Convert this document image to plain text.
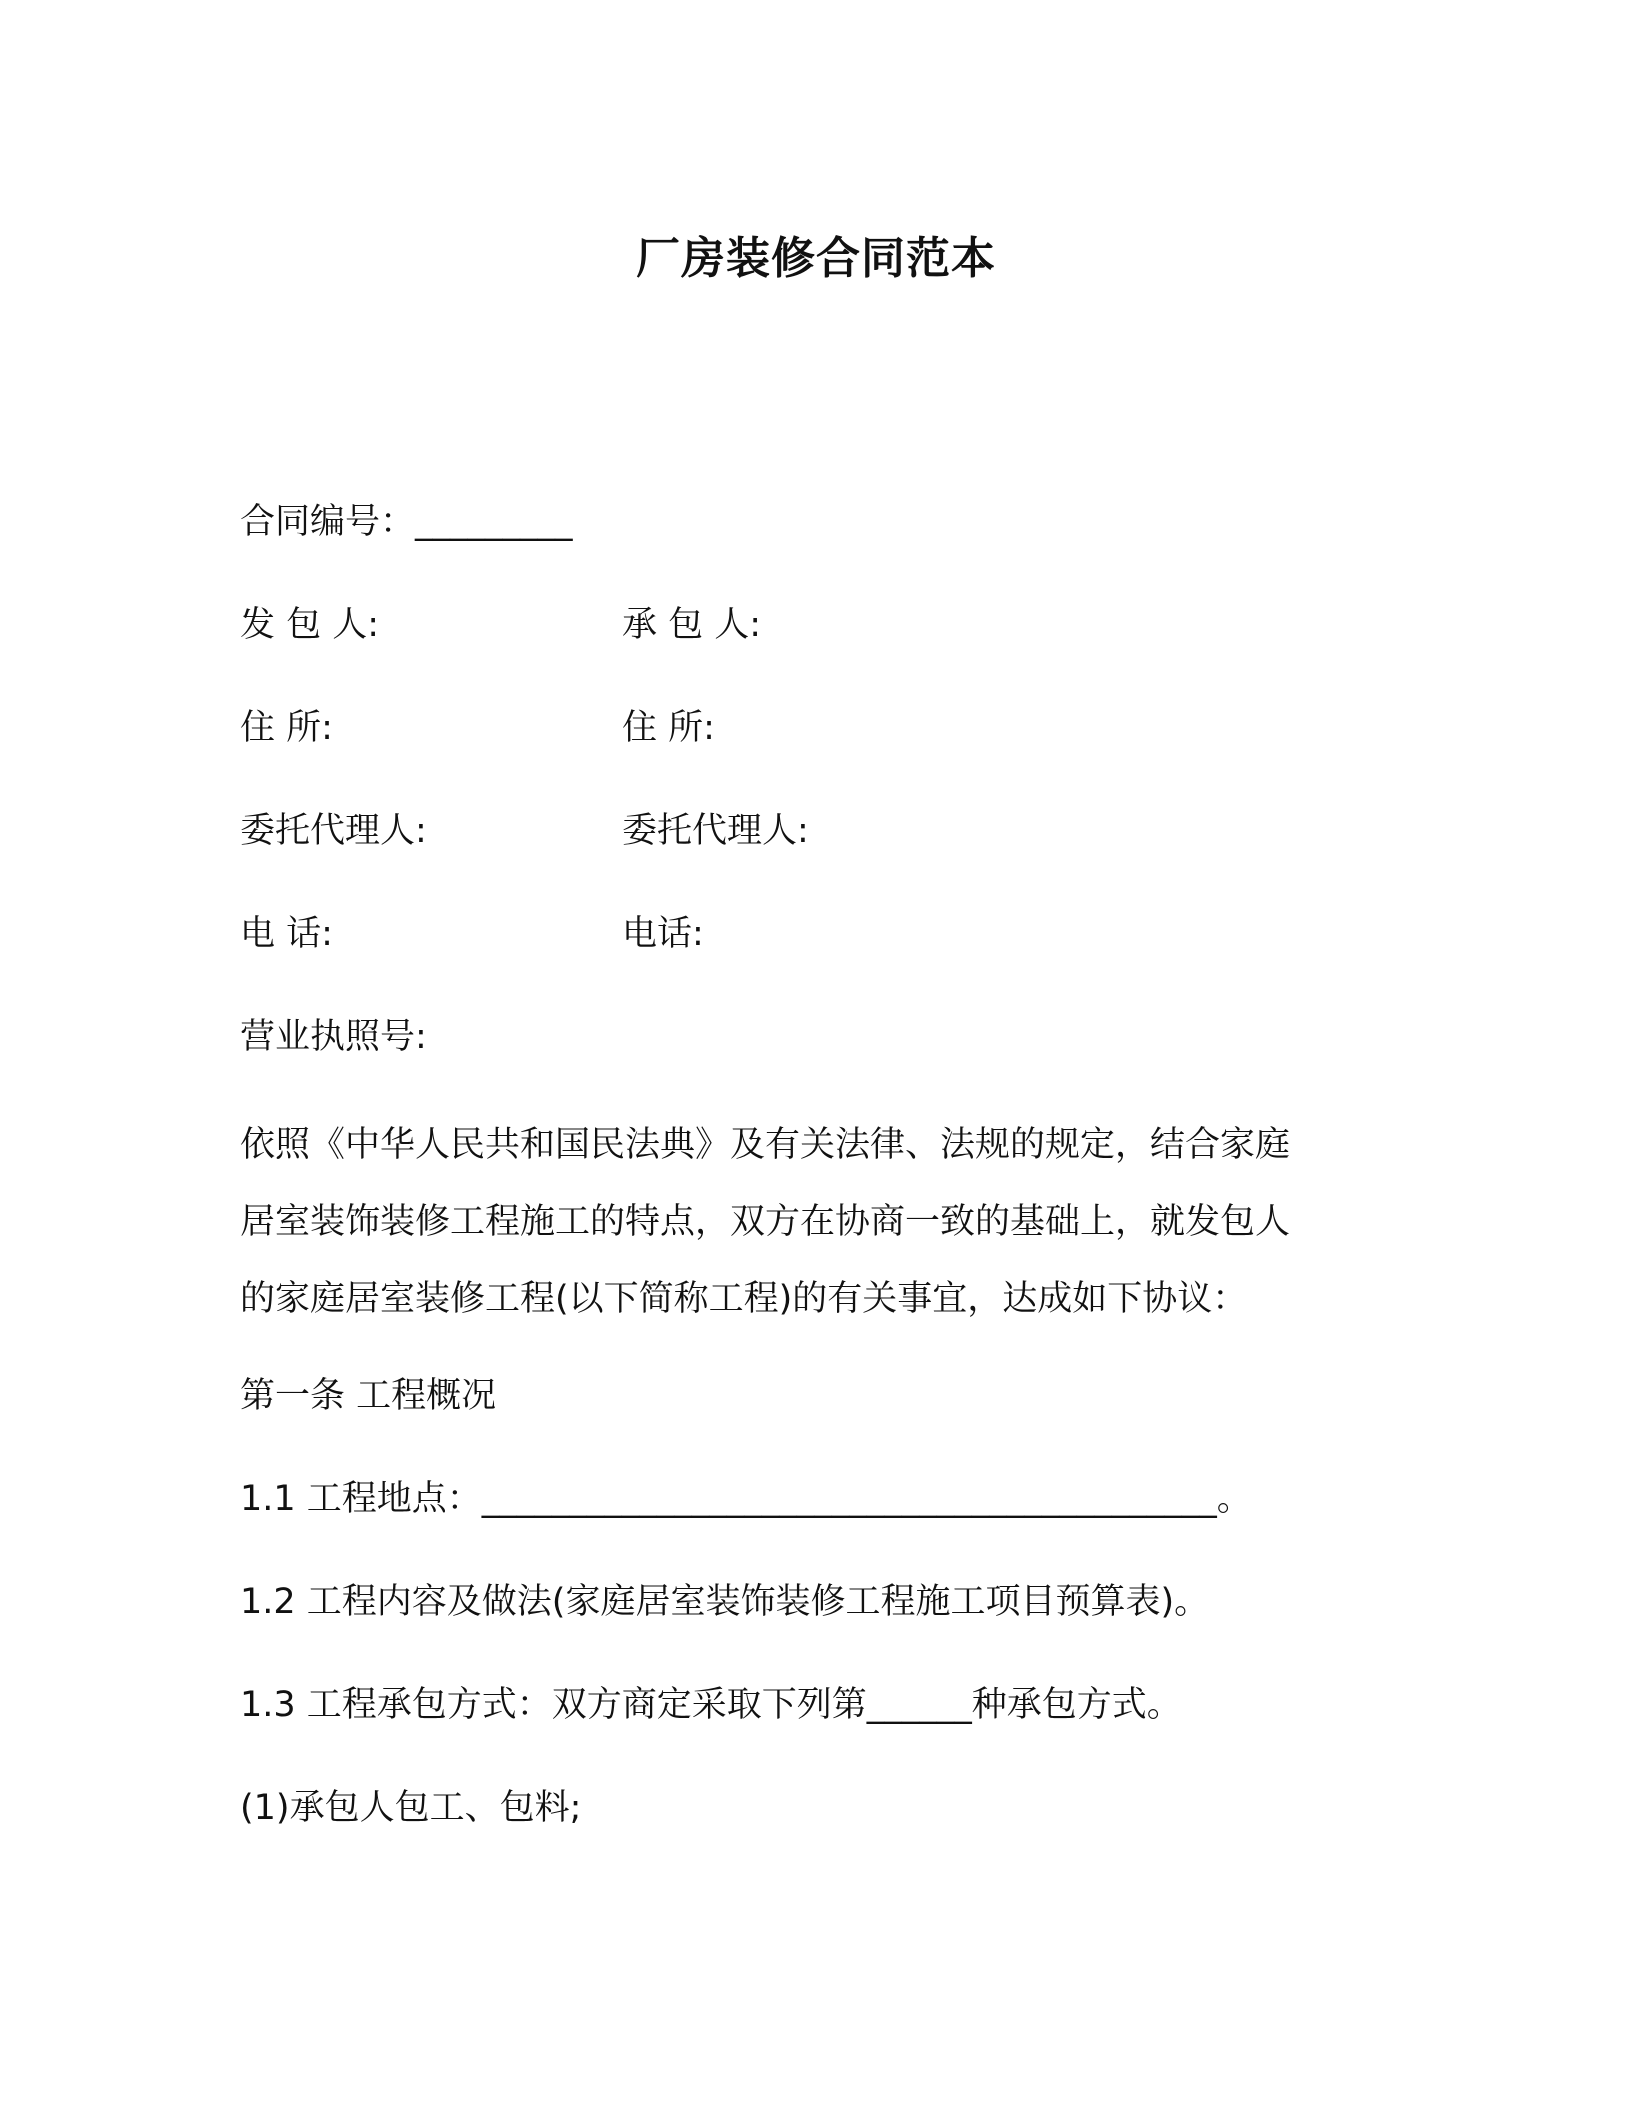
厂房装修合同范本
合同编号：_________
发 包 人:	承 包 人:
住 所:	住 所:
委托代理人:	委托代理人:
电 话:	电话:
营业执照号:
依照《中华人民共和国民法典》及有关法律、法规的规定，结合家庭
居室装饰装修工程施工的特点，双方在协商一致的基础上，就发包人
的家庭居室装修工程(以下简称工程)的有关事宜，达成如下协议：
第一条 工程概况
1.1 工程地点：__________________________________________。
1.2 工程内容及做法(家庭居室装饰装修工程施工项目预算表)。
1.3 工程承包方式：双方商定采取下列第______种承包方式。
(1)承包人包工、包料;
